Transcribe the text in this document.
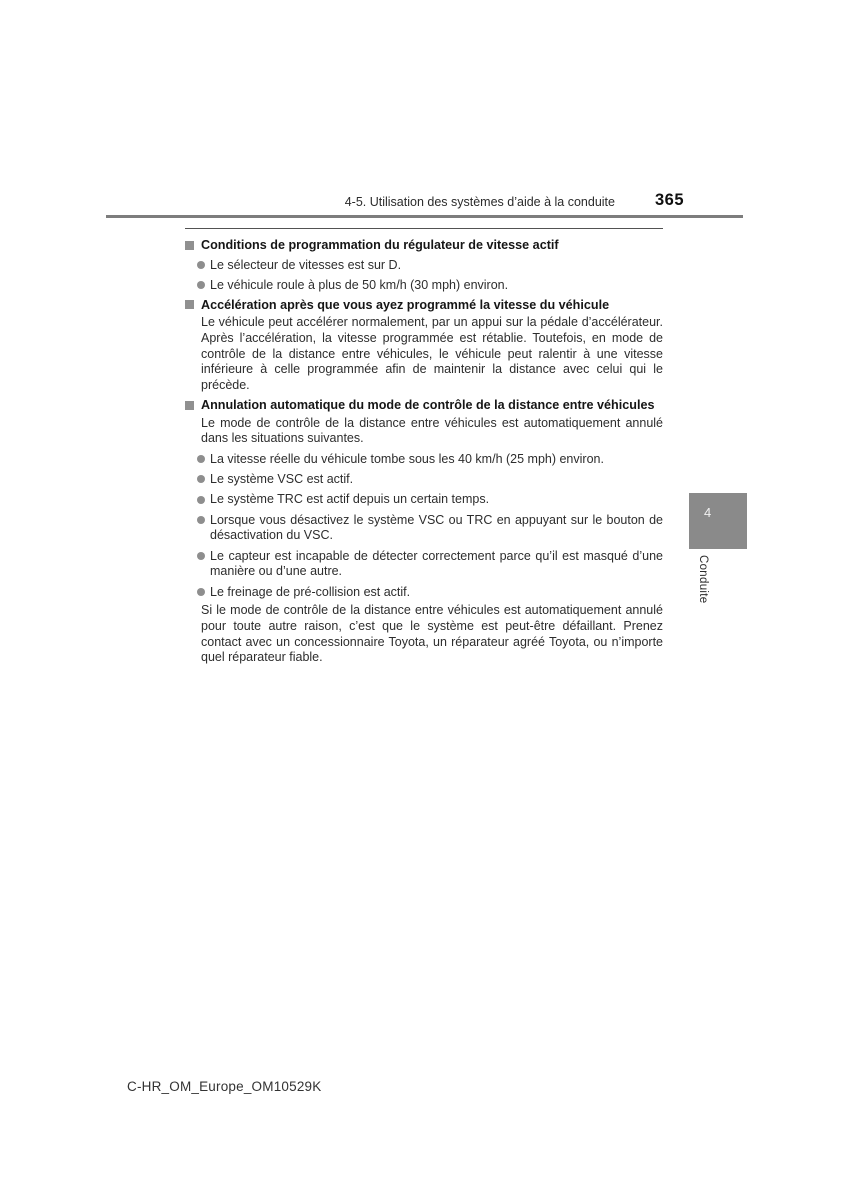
4-5. Utilisation des systèmes d’aide à la conduite 365
Conditions de programmation du régulateur de vitesse actif
Le sélecteur de vitesses est sur D.
Le véhicule roule à plus de 50 km/h (30 mph) environ.
Accélération après que vous ayez programmé la vitesse du véhicule

Le véhicule peut accélérer normalement, par un appui sur la pédale d’accélérateur. Après l’accélération, la vitesse programmée est rétablie. Toutefois, en mode de contrôle de la distance entre véhicules, le véhicule peut ralentir à une vitesse inférieure à celle programmée afin de maintenir la distance avec celui qui le précède.

Annulation automatique du mode de contrôle de la distance entre véhicules

Le mode de contrôle de la distance entre véhicules est automatiquement annulé dans les situations suivantes.

La vitesse réelle du véhicule tombe sous les 40 km/h (25 mph) environ.
Le système VSC est actif.
Le système TRC est actif depuis un certain temps.
Lorsque vous désactivez le système VSC ou TRC en appuyant sur le bouton de désactivation du VSC.
Le capteur est incapable de détecter correctement parce qu’il est masqué d’une manière ou d’une autre.
Le freinage de pré-collision est actif.

Si le mode de contrôle de la distance entre véhicules est automatiquement annulé pour toute autre raison, c’est que le système est peut-être défaillant. Prenez contact avec un concessionnaire Toyota, un réparateur agréé Toyota, ou n’importe quel réparateur fiable.

4
Conduite
C-HR_OM_Europe_OM10529K
